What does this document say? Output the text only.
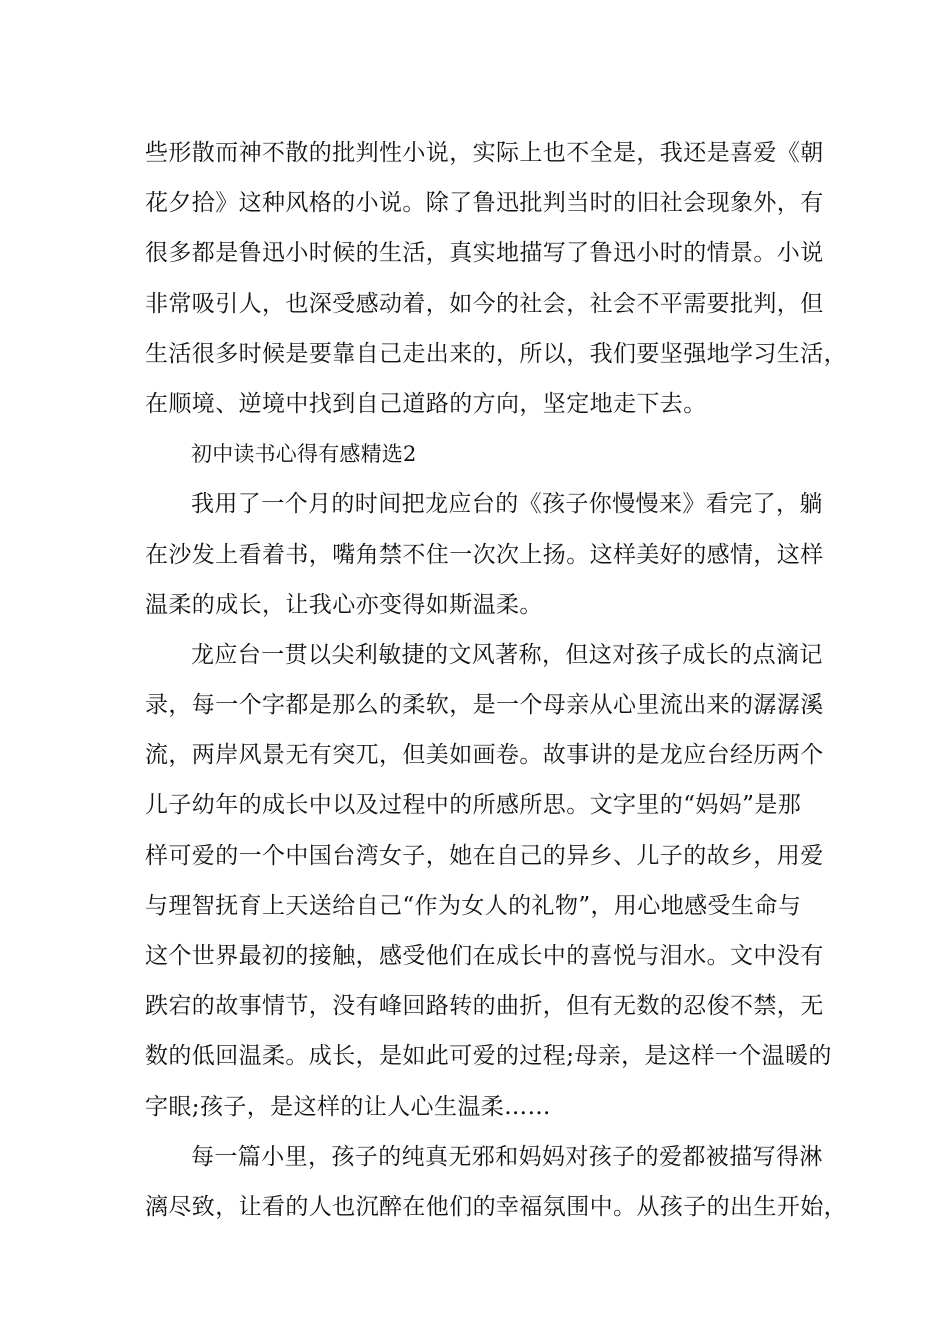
些形散而神不散的批判性小说，实际上也不全是，我还是喜爱《朝
花夕拾》这种风格的小说。除了鲁迅批判当时的旧社会现象外，有
很多都是鲁迅小时候的生活，真实地描写了鲁迅小时的情景。小说
非常吸引人，也深受感动着，如今的社会，社会不平需要批判，但
生活很多时候是要靠自己走出来的，所以，我们要坚强地学习生活，
在顺境、逆境中找到自己道路的方向，坚定地走下去。
初中读书心得有感精选2
我用了一个月的时间把龙应台的《孩子你慢慢来》看完了，躺
在沙发上看着书，嘴角禁不住一次次上扬。这样美好的感情，这样
温柔的成长，让我心亦变得如斯温柔。
龙应台一贯以尖利敏捷的文风著称，但这对孩子成长的点滴记
录，每一个字都是那么的柔软，是一个母亲从心里流出来的潺潺溪
流，两岸风景无有突兀，但美如画卷。故事讲的是龙应台经历两个
儿子幼年的成长中以及过程中的所感所思。文字里的“妈妈”是那
样可爱的一个中国台湾女子，她在自己的异乡、儿子的故乡，用爱
与理智抚育上天送给自己“作为女人的礼物”，用心地感受生命与
这个世界最初的接触，感受他们在成长中的喜悦与泪水。文中没有
跌宕的故事情节，没有峰回路转的曲折，但有无数的忍俊不禁，无
数的低回温柔。成长，是如此可爱的过程;母亲，是这样一个温暖的
字眼;孩子，是这样的让人心生温柔……
每一篇小里，孩子的纯真无邪和妈妈对孩子的爱都被描写得淋
漓尽致，让看的人也沉醉在他们的幸福氛围中。从孩子的出生开始，
